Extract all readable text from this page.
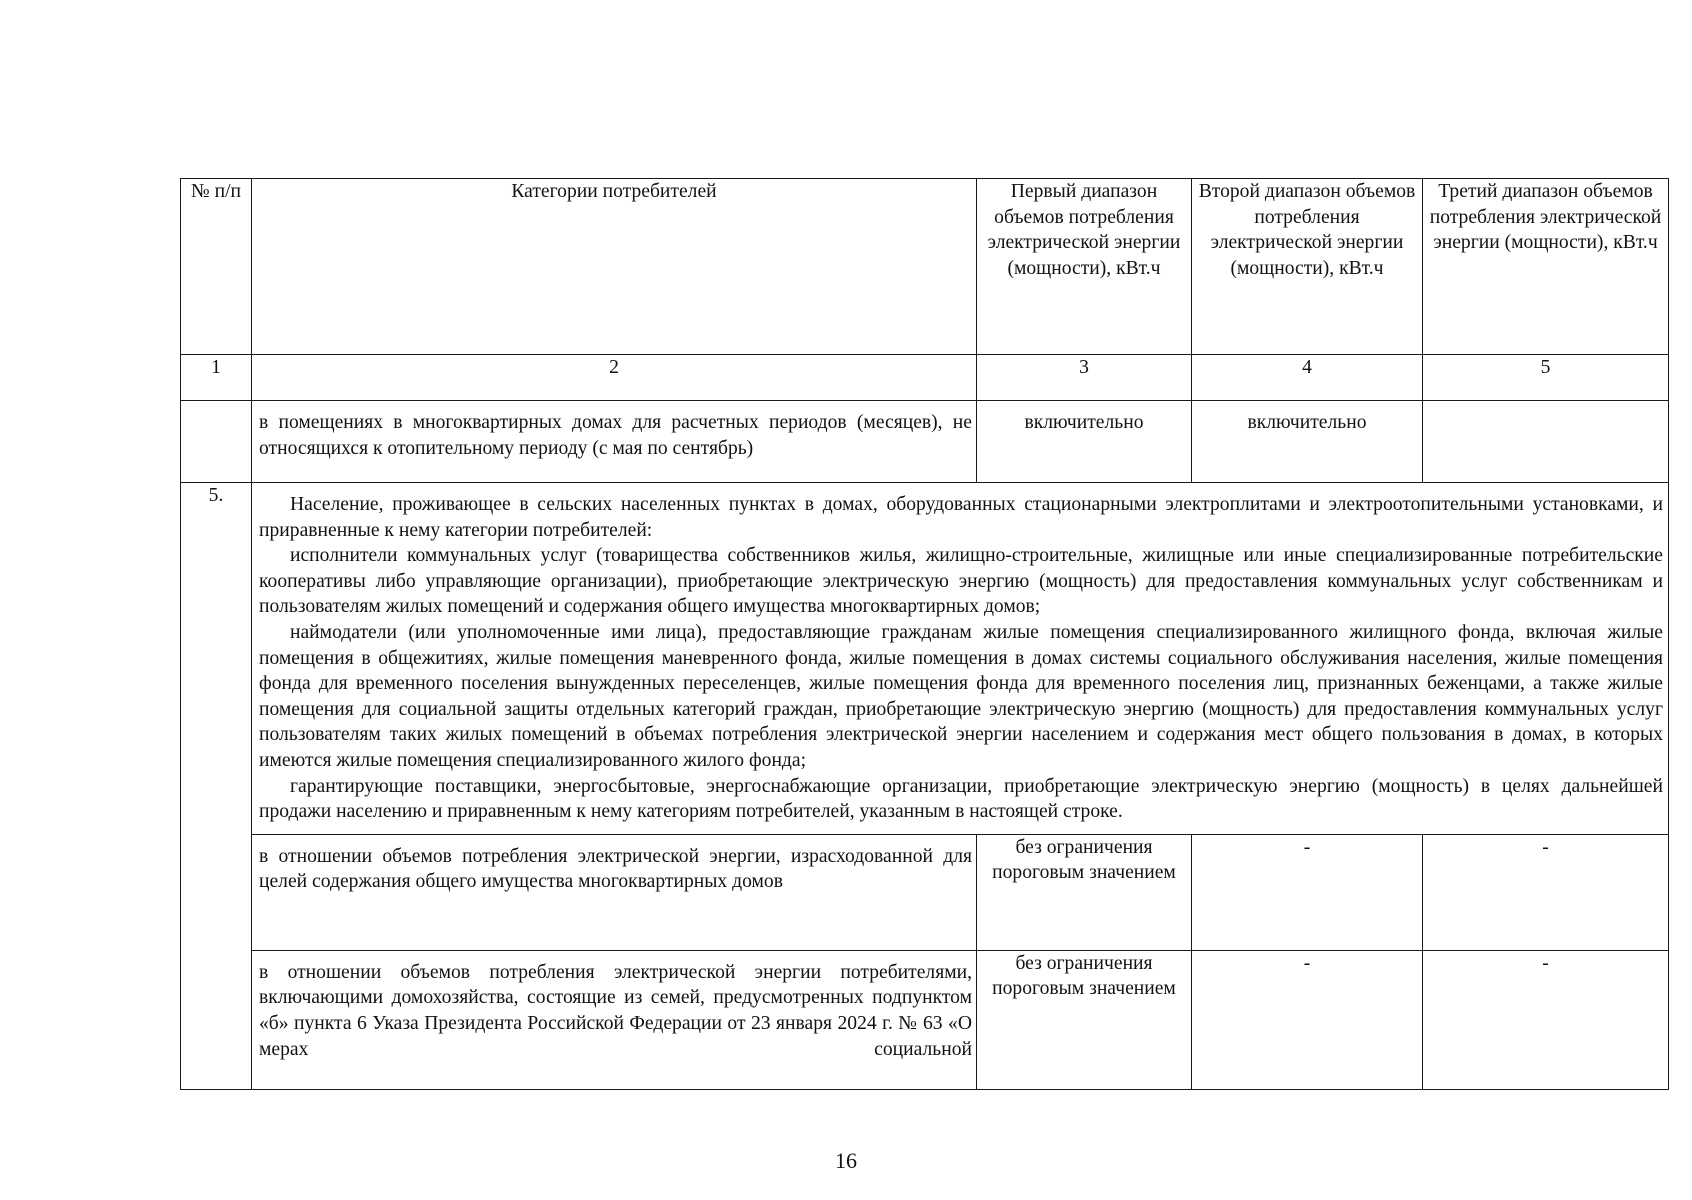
№ п/п	Категории потребителей	Первый диапазон объемов потребления электрической энергии (мощности), кВт.ч	Второй диапазон объемов потребления электрической энергии (мощности), кВт.ч	Третий диапазон объемов потребления электрической энергии (мощности), кВт.ч
1	2	3	4	5
	в помещениях в многоквартирных домах для расчетных периодов (месяцев), не относящихся к отопительному периоду (с мая по сентябрь)	включительно	включительно	
5.	Население, проживающее в сельских населенных пунктах в домах, оборудованных стационарными электроплитами и электроотопительными установками, и приравненные к нему категории потребителей:

исполнители коммунальных услуг (товарищества собственников жилья, жилищно-строительные, жилищные или иные специализированные потребительские кооперативы либо управляющие организации), приобретающие электрическую энергию (мощность) для предоставления коммунальных услуг собственникам и пользователям жилых помещений и содержания общего имущества многоквартирных домов;

наймодатели (или уполномоченные ими лица), предоставляющие гражданам жилые помещения специализированного жилищного фонда, включая жилые помещения в общежитиях, жилые помещения маневренного фонда, жилые помещения в домах системы социального обслуживания населения, жилые помещения фонда для временного поселения вынужденных переселенцев, жилые помещения фонда для временного поселения лиц, признанных беженцами, а также жилые помещения для социальной защиты отдельных категорий граждан, приобретающие электрическую энергию (мощность) для предоставления коммунальных услуг пользователям таких жилых помещений в объемах потребления электрической энергии населением и содержания мест общего пользования в домах, в которых имеются жилые помещения специализированного жилого фонда;

гарантирующие поставщики, энергосбытовые, энергоснабжающие организации, приобретающие электрическую энергию (мощность) в целях дальнейшей продажи населению и приравненным к нему категориям потребителей, указанным в настоящей строке.			

	в отношении объемов потребления электрической энергии, израсходованной для целей содержания общего имущества многоквартирных домов	без ограничения пороговым значением	-	-
	в отношении объемов потребления электрической энергии потребителями, включающими домохозяйства, состоящие из семей, предусмотренных подпунктом «б» пункта 6 Указа Президента Российской Федерации от 23 января 2024 г. № 63 «О мерах социальной	без ограничения пороговым значением	-	-
16
